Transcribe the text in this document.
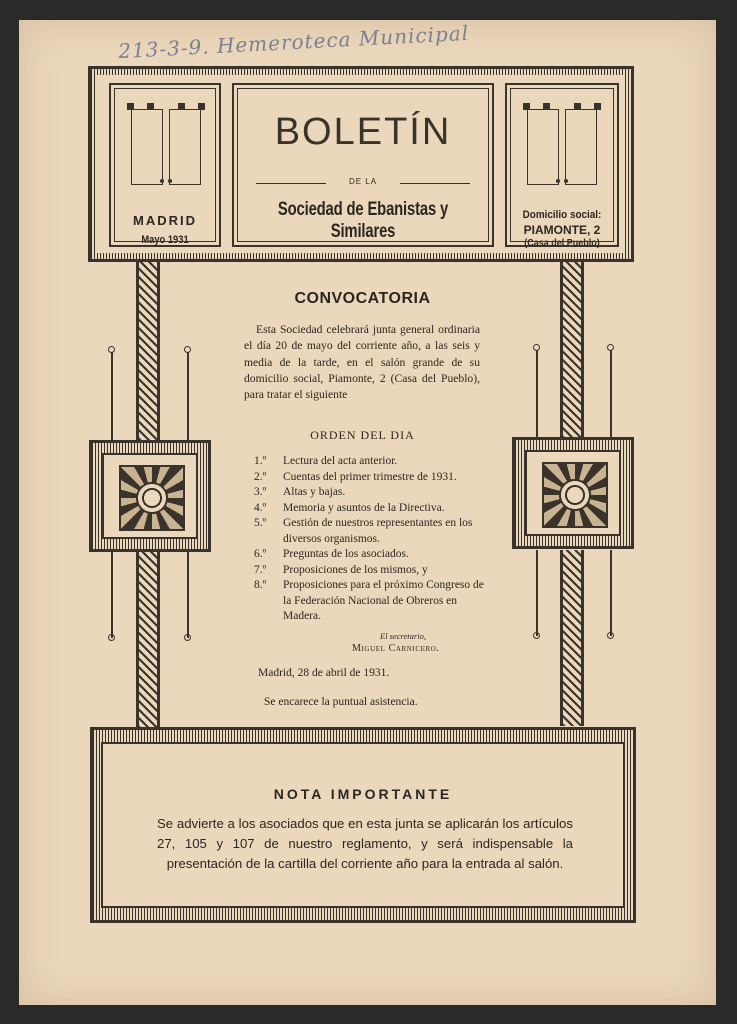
213-3-9. Hemeroteca Municipal
MADRID
Mayo 1931
BOLETÍN
DE LA
Sociedad de Ebanistas y Similares
Domicilio social:
PIAMONTE, 2
(Casa del Pueblo)
CONVOCATORIA
Esta Sociedad celebrará junta general ordinaria el día 20 de mayo del corriente año, a las seis y media de la tarde, en el salón grande de su domicilio social, Piamonte, 2 (Casa del Pueblo), para tratar el siguiente
ORDEN DEL DIA
1.º	Lectura del acta anterior.
2.º	Cuentas del primer trimestre de 1931.
3.º	Altas y bajas.
4.º	Memoria y asuntos de la Directiva.
5.º	Gestión de nuestros representantes en los diversos organismos.
6.º	Preguntas de los asociados.
7.º	Proposiciones de los mismos, y
8.º	Proposiciones para el próximo Congreso de la Federación Nacional de Obreros en Madera.
El secretario,
Miguel Carnicero.
Madrid, 28 de abril de 1931.
Se encarece la puntual asistencia.
NOTA IMPORTANTE
Se advierte a los asociados que en esta junta se aplicarán los artículos 27, 105 y 107 de nuestro reglamento, y será indispensable la presentación de la cartilla del corriente año para la entrada al salón.
